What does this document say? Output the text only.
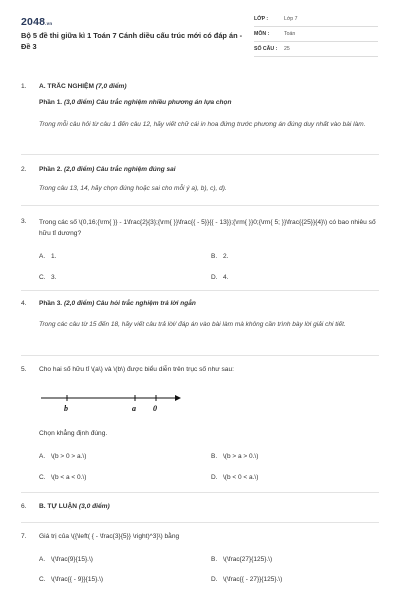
2048.vn
Bộ 5 đề thi giữa kì 1 Toán 7 Cánh diều cấu trúc mới có đáp án - Đề 3
LỚP :	Lớp 7
MÔN :	Toán
SỐ CÂU : 25
1. A. TRẮC NGHIỆM (7,0 điểm)
Phần 1. (3,0 điểm) Câu trắc nghiệm nhiều phương án lựa chọn
Trong mỗi câu hỏi từ câu 1 đến câu 12, hãy viết chữ cái in hoa đứng trước phương án đúng duy nhất vào bài làm.
2. Phần 2. (2,0 điểm) Câu trắc nghiệm đúng sai
Trong câu 13, 14, hãy chọn đúng hoặc sai cho mỗi ý a), b), c), d).
3. Trong các số \(0,16;{\rm{ }} - 1\frac{2}{3};{\rm{ }}\frac{{ - 5}}{{ - 13}};{\rm{ }}0;{\rm{ 5; }}\frac{{25}}{4}\) có bao nhiêu số hữu tỉ dương?
A. 1.	B. 2.
C. 3.	D. 4.
4. Phần 3. (2,0 điểm) Câu hỏi trắc nghiệm trả lời ngắn
Trong các câu từ 15 đến 18, hãy viết câu trả lời/ đáp án vào bài làm mà không cần trình bày lời giải chi tiết.
5. Cho hai số hữu tỉ \(a\) và \(b\) được biểu diễn trên trục số như sau:
b	a 0
Chọn khẳng định đúng.
A. \(b > 0 > a.\)	B. \(b > a > 0.\)
C. \(b < a < 0.\)	D. \(b < 0 < a.\)
6. B. TỰ LUẬN (3,0 điểm)
7. Giá trị của \({\left( { - \frac{3}{5}} \right)^3}\) bằng
A. \(\frac{9}{15}.\)	B. \(\frac{27}{125}.\)
C. \(\frac{{ - 9}}{15}.\)	D. \(\frac{{ - 27}}{125}.\)
